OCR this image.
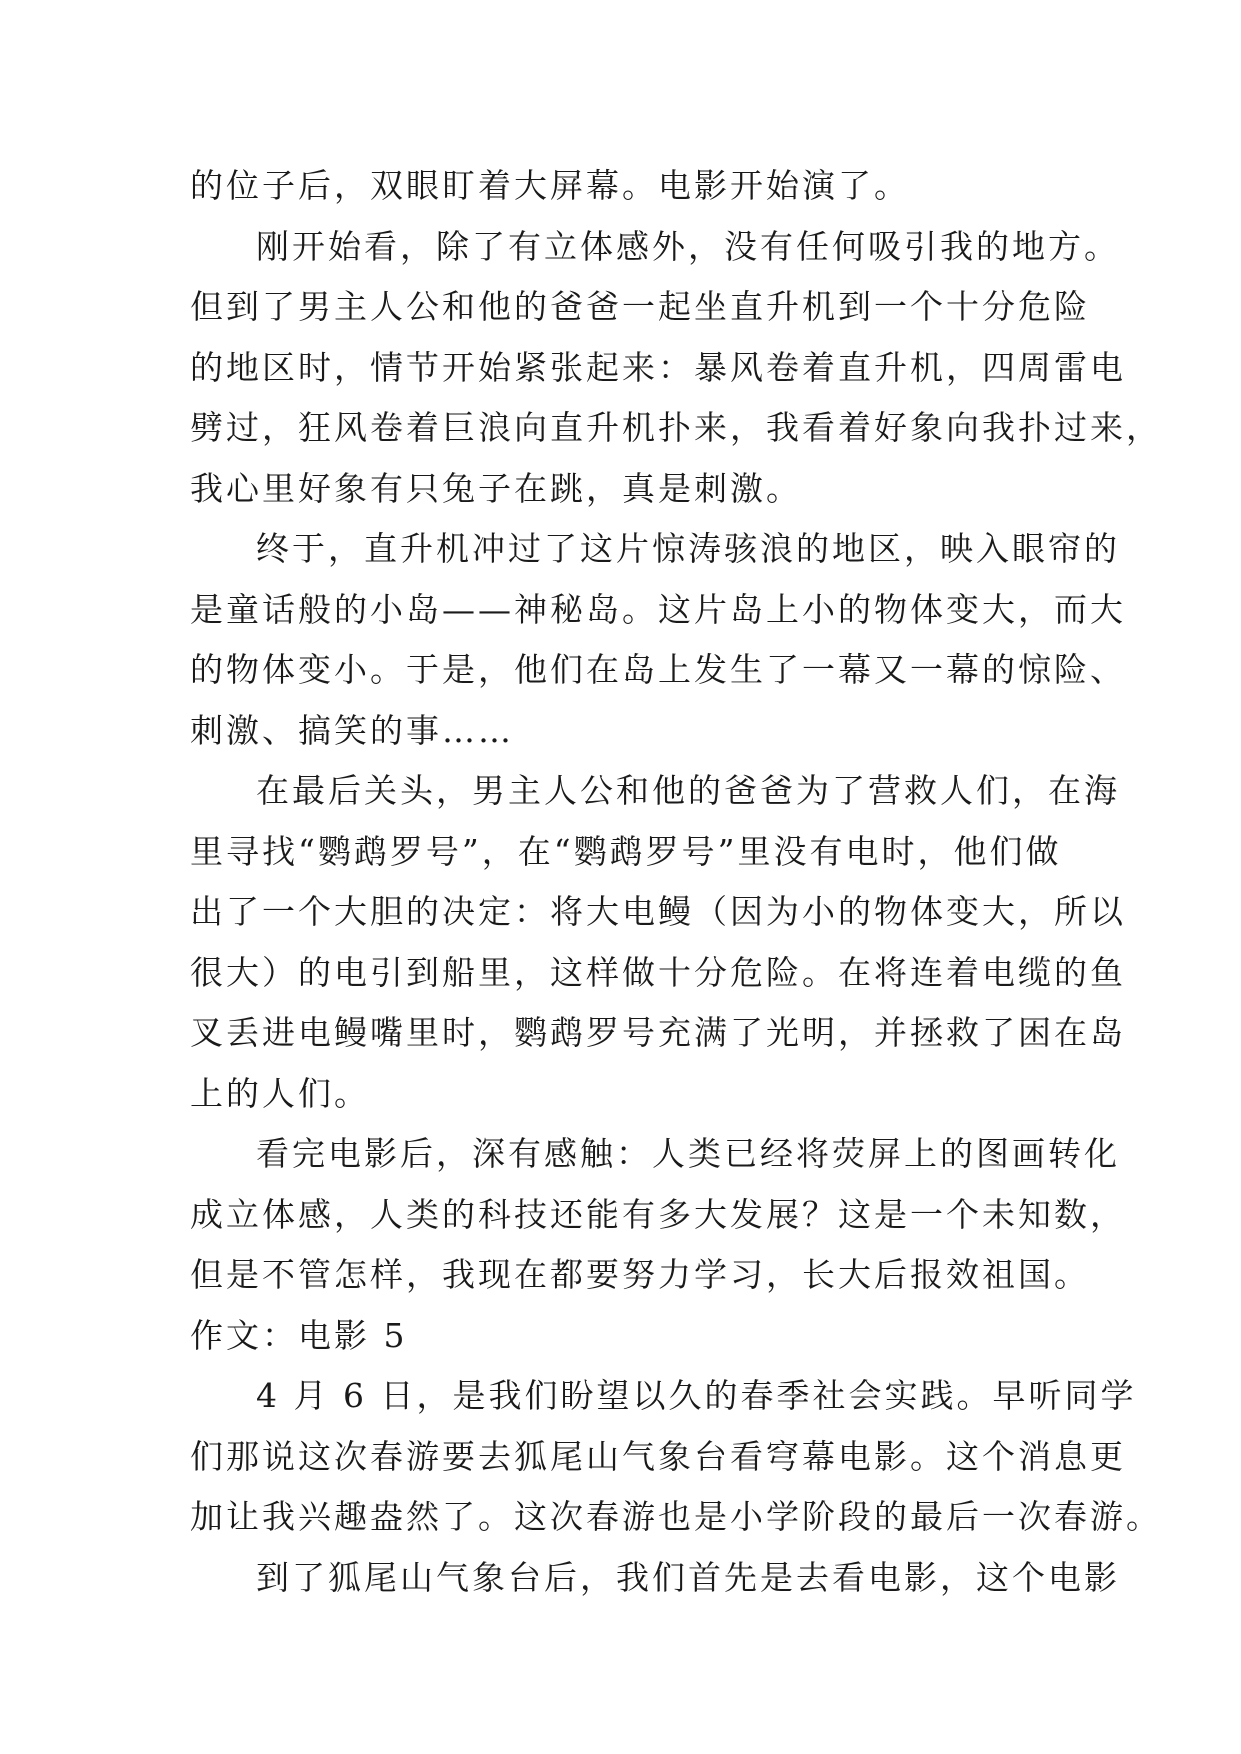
的位子后，双眼盯着大屏幕。电影开始演了。
刚开始看，除了有立体感外，没有任何吸引我的地方。
但到了男主人公和他的爸爸一起坐直升机到一个十分危险
的地区时，情节开始紧张起来：暴风卷着直升机，四周雷电
劈过，狂风卷着巨浪向直升机扑来，我看着好象向我扑过来，
我心里好象有只兔子在跳，真是刺激。
终于，直升机冲过了这片惊涛骇浪的地区，映入眼帘的
是童话般的小岛——神秘岛。这片岛上小的物体变大，而大
的物体变小。于是，他们在岛上发生了一幕又一幕的惊险、
刺激、搞笑的事……
在最后关头，男主人公和他的爸爸为了营救人们，在海
里寻找“鹦鹉罗号”，在“鹦鹉罗号”里没有电时，他们做
出了一个大胆的决定：将大电鳗（因为小的物体变大，所以
很大）的电引到船里，这样做十分危险。在将连着电缆的鱼
叉丢进电鳗嘴里时，鹦鹉罗号充满了光明，并拯救了困在岛
上的人们。
看完电影后，深有感触：人类已经将荧屏上的图画转化
成立体感，人类的科技还能有多大发展？这是一个未知数，
但是不管怎样，我现在都要努力学习，长大后报效祖国。
作文：电影 5
4 月 6 日，是我们盼望以久的春季社会实践。早听同学
们那说这次春游要去狐尾山气象台看穹幕电影。这个消息更
加让我兴趣盎然了。这次春游也是小学阶段的最后一次春游。
到了狐尾山气象台后，我们首先是去看电影，这个电影
